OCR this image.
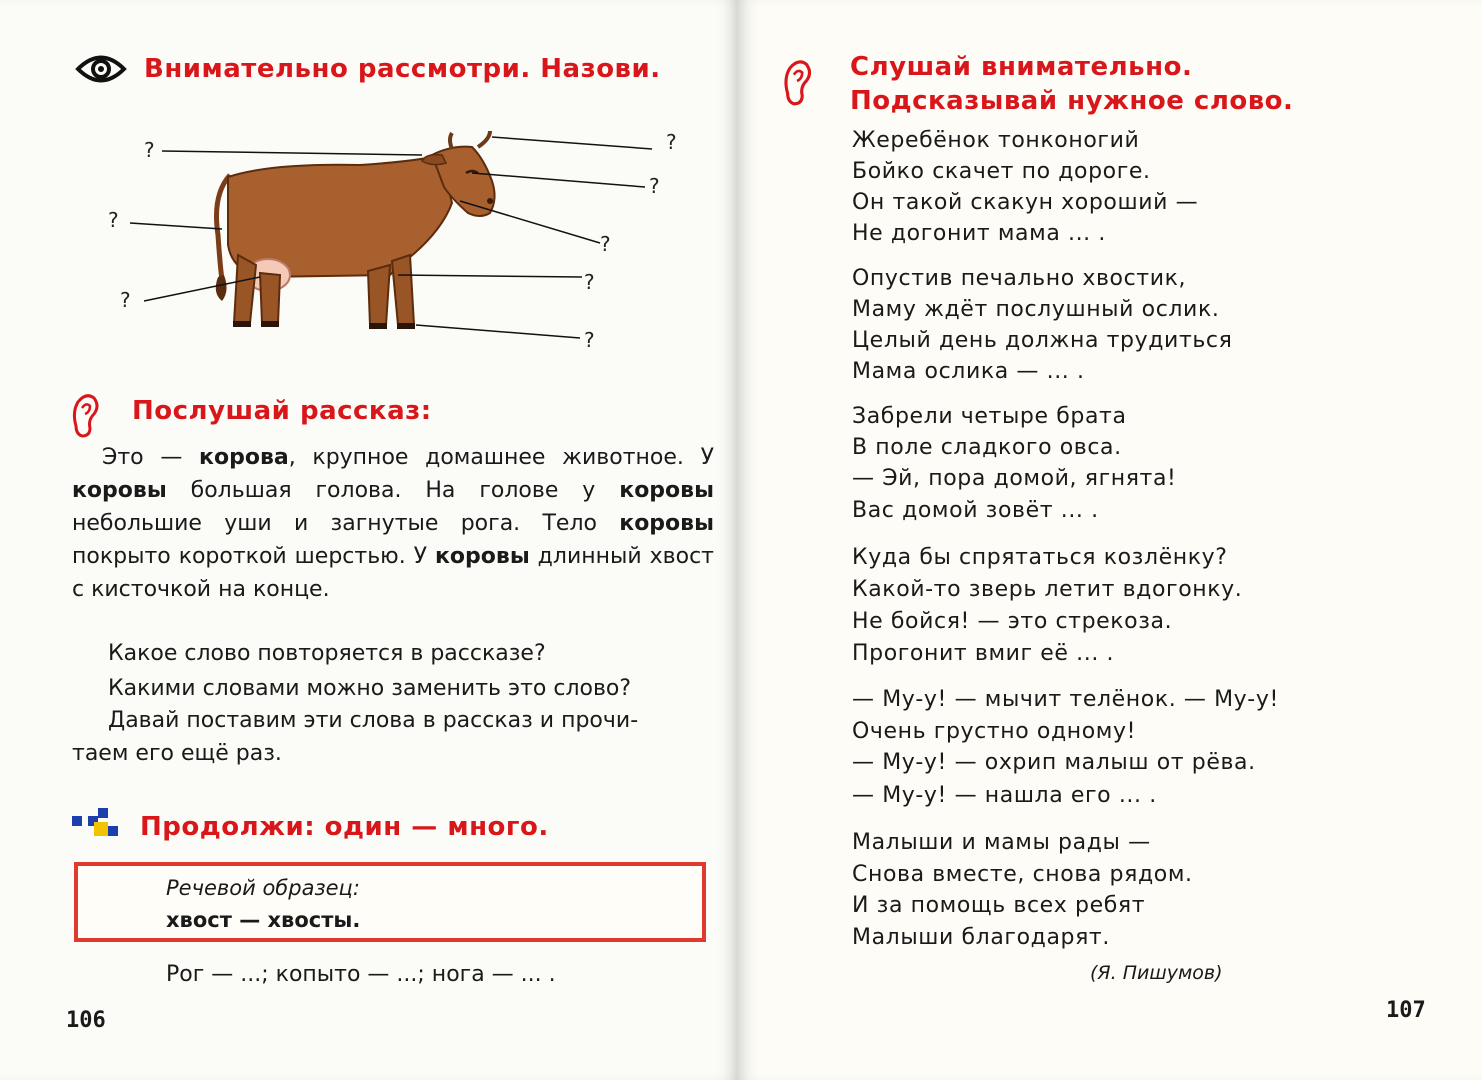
Внимательно рассмотри. Назови.
?	?
?
?
?
?
?
?
Послушай рассказ:
Это — корова, крупное домашнее животное. У коровы большая голова. На голове у коровы небольшие уши и загнутые рога. Тело коровы покрыто короткой шерстью. У коровы длинный хвост с кисточкой на конце.
Какое слово повторяется в рассказе?
Какими словами можно заменить это слово?
Давай поставим эти слова в рассказ и прочи-
таем его ещё раз.
Продолжи: один — много.
Речевой образец:
хвост — хвосты.
Рог — ...; копыто — ...; нога — ... .
106
Слушай внимательно.
Подсказывай нужное слово.
Жеребёнок тонконогий
Бойко скачет по дороге.
Он такой скакун хороший —
Не догонит мама ... .
Опустив печально хвостик,
Маму ждёт послушный ослик.
Целый день должна трудиться
Мама ослика — ... .
Забрели четыре брата
В поле сладкого овса.
— Эй, пора домой, ягнята!
Вас домой зовёт ... .
Куда бы спрятаться козлёнку?
Какой-то зверь летит вдогонку.
Не бойся! — это стрекоза.
Прогонит вмиг её ... .
— Му-у! — мычит телёнок. — Му-у!
Очень грустно одному!
— Му-у! — охрип малыш от рёва.
— Му-у! — нашла его ... .
Малыши и мамы рады —
Снова вместе, снова рядом.
И за помощь всех ребят
Малыши благодарят.
(Я. Пишумов)
107
